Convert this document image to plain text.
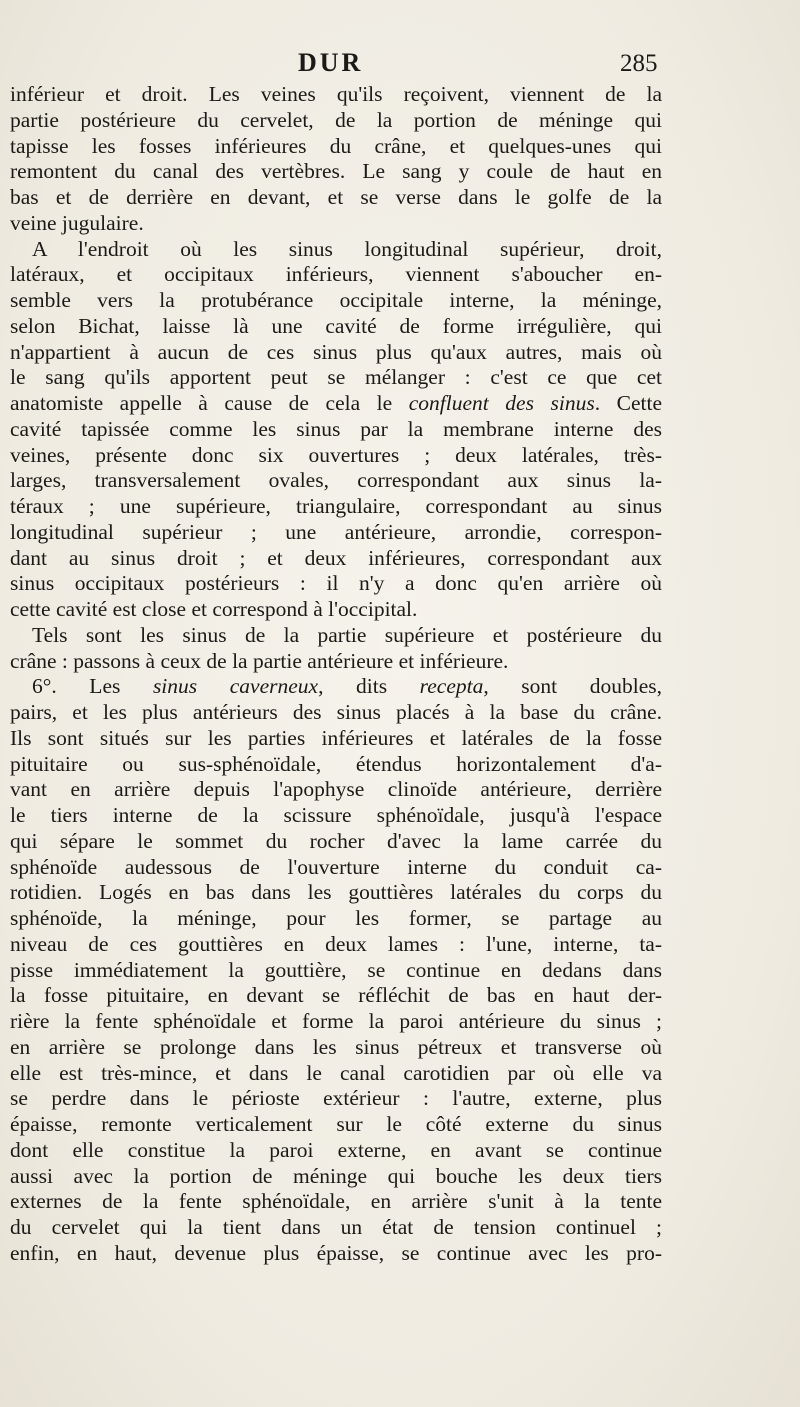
DUR	285
inférieur et droit. Les veines qu'ils reçoivent, viennent de la
partie postérieure du cervelet, de la portion de méninge qui
tapisse les fosses inférieures du crâne, et quelques-unes qui
remontent du canal des vertèbres. Le sang y coule de haut en
bas et de derrière en devant, et se verse dans le golfe de la
veine jugulaire.
A l'endroit où les sinus longitudinal supérieur, droit,
latéraux, et occipitaux inférieurs, viennent s'aboucher en-
semble vers la protubérance occipitale interne, la méninge,
selon Bichat, laisse là une cavité de forme irrégulière, qui
n'appartient à aucun de ces sinus plus qu'aux autres, mais où
le sang qu'ils apportent peut se mélanger : c'est ce que cet
anatomiste appelle à cause de cela le confluent des sinus. Cette
cavité tapissée comme les sinus par la membrane interne des
veines, présente donc six ouvertures ; deux latérales, très-
larges, transversalement ovales, correspondant aux sinus la-
téraux ; une supérieure, triangulaire, correspondant au sinus
longitudinal supérieur ; une antérieure, arrondie, correspon-
dant au sinus droit ; et deux inférieures, correspondant aux
sinus occipitaux postérieurs : il n'y a donc qu'en arrière où
cette cavité est close et correspond à l'occipital.
Tels sont les sinus de la partie supérieure et postérieure du
crâne : passons à ceux de la partie antérieure et inférieure.
6°. Les sinus caverneux, dits recepta, sont doubles,
pairs, et les plus antérieurs des sinus placés à la base du crâne.
Ils sont situés sur les parties inférieures et latérales de la fosse
pituitaire ou sus-sphénoïdale, étendus horizontalement d'a-
vant en arrière depuis l'apophyse clinoïde antérieure, derrière
le tiers interne de la scissure sphénoïdale, jusqu'à l'espace
qui sépare le sommet du rocher d'avec la lame carrée du
sphénoïde audessous de l'ouverture interne du conduit ca-
rotidien. Logés en bas dans les gouttières latérales du corps du
sphénoïde, la méninge, pour les former, se partage au
niveau de ces gouttières en deux lames : l'une, interne, ta-
pisse immédiatement la gouttière, se continue en dedans dans
la fosse pituitaire, en devant se réfléchit de bas en haut der-
rière la fente sphénoïdale et forme la paroi antérieure du sinus ;
en arrière se prolonge dans les sinus pétreux et transverse où
elle est très-mince, et dans le canal carotidien par où elle va
se perdre dans le périoste extérieur : l'autre, externe, plus
épaisse, remonte verticalement sur le côté externe du sinus
dont elle constitue la paroi externe, en avant se continue
aussi avec la portion de méninge qui bouche les deux tiers
externes de la fente sphénoïdale, en arrière s'unit à la tente
du cervelet qui la tient dans un état de tension continuel ;
enfin, en haut, devenue plus épaisse, se continue avec les pro-
